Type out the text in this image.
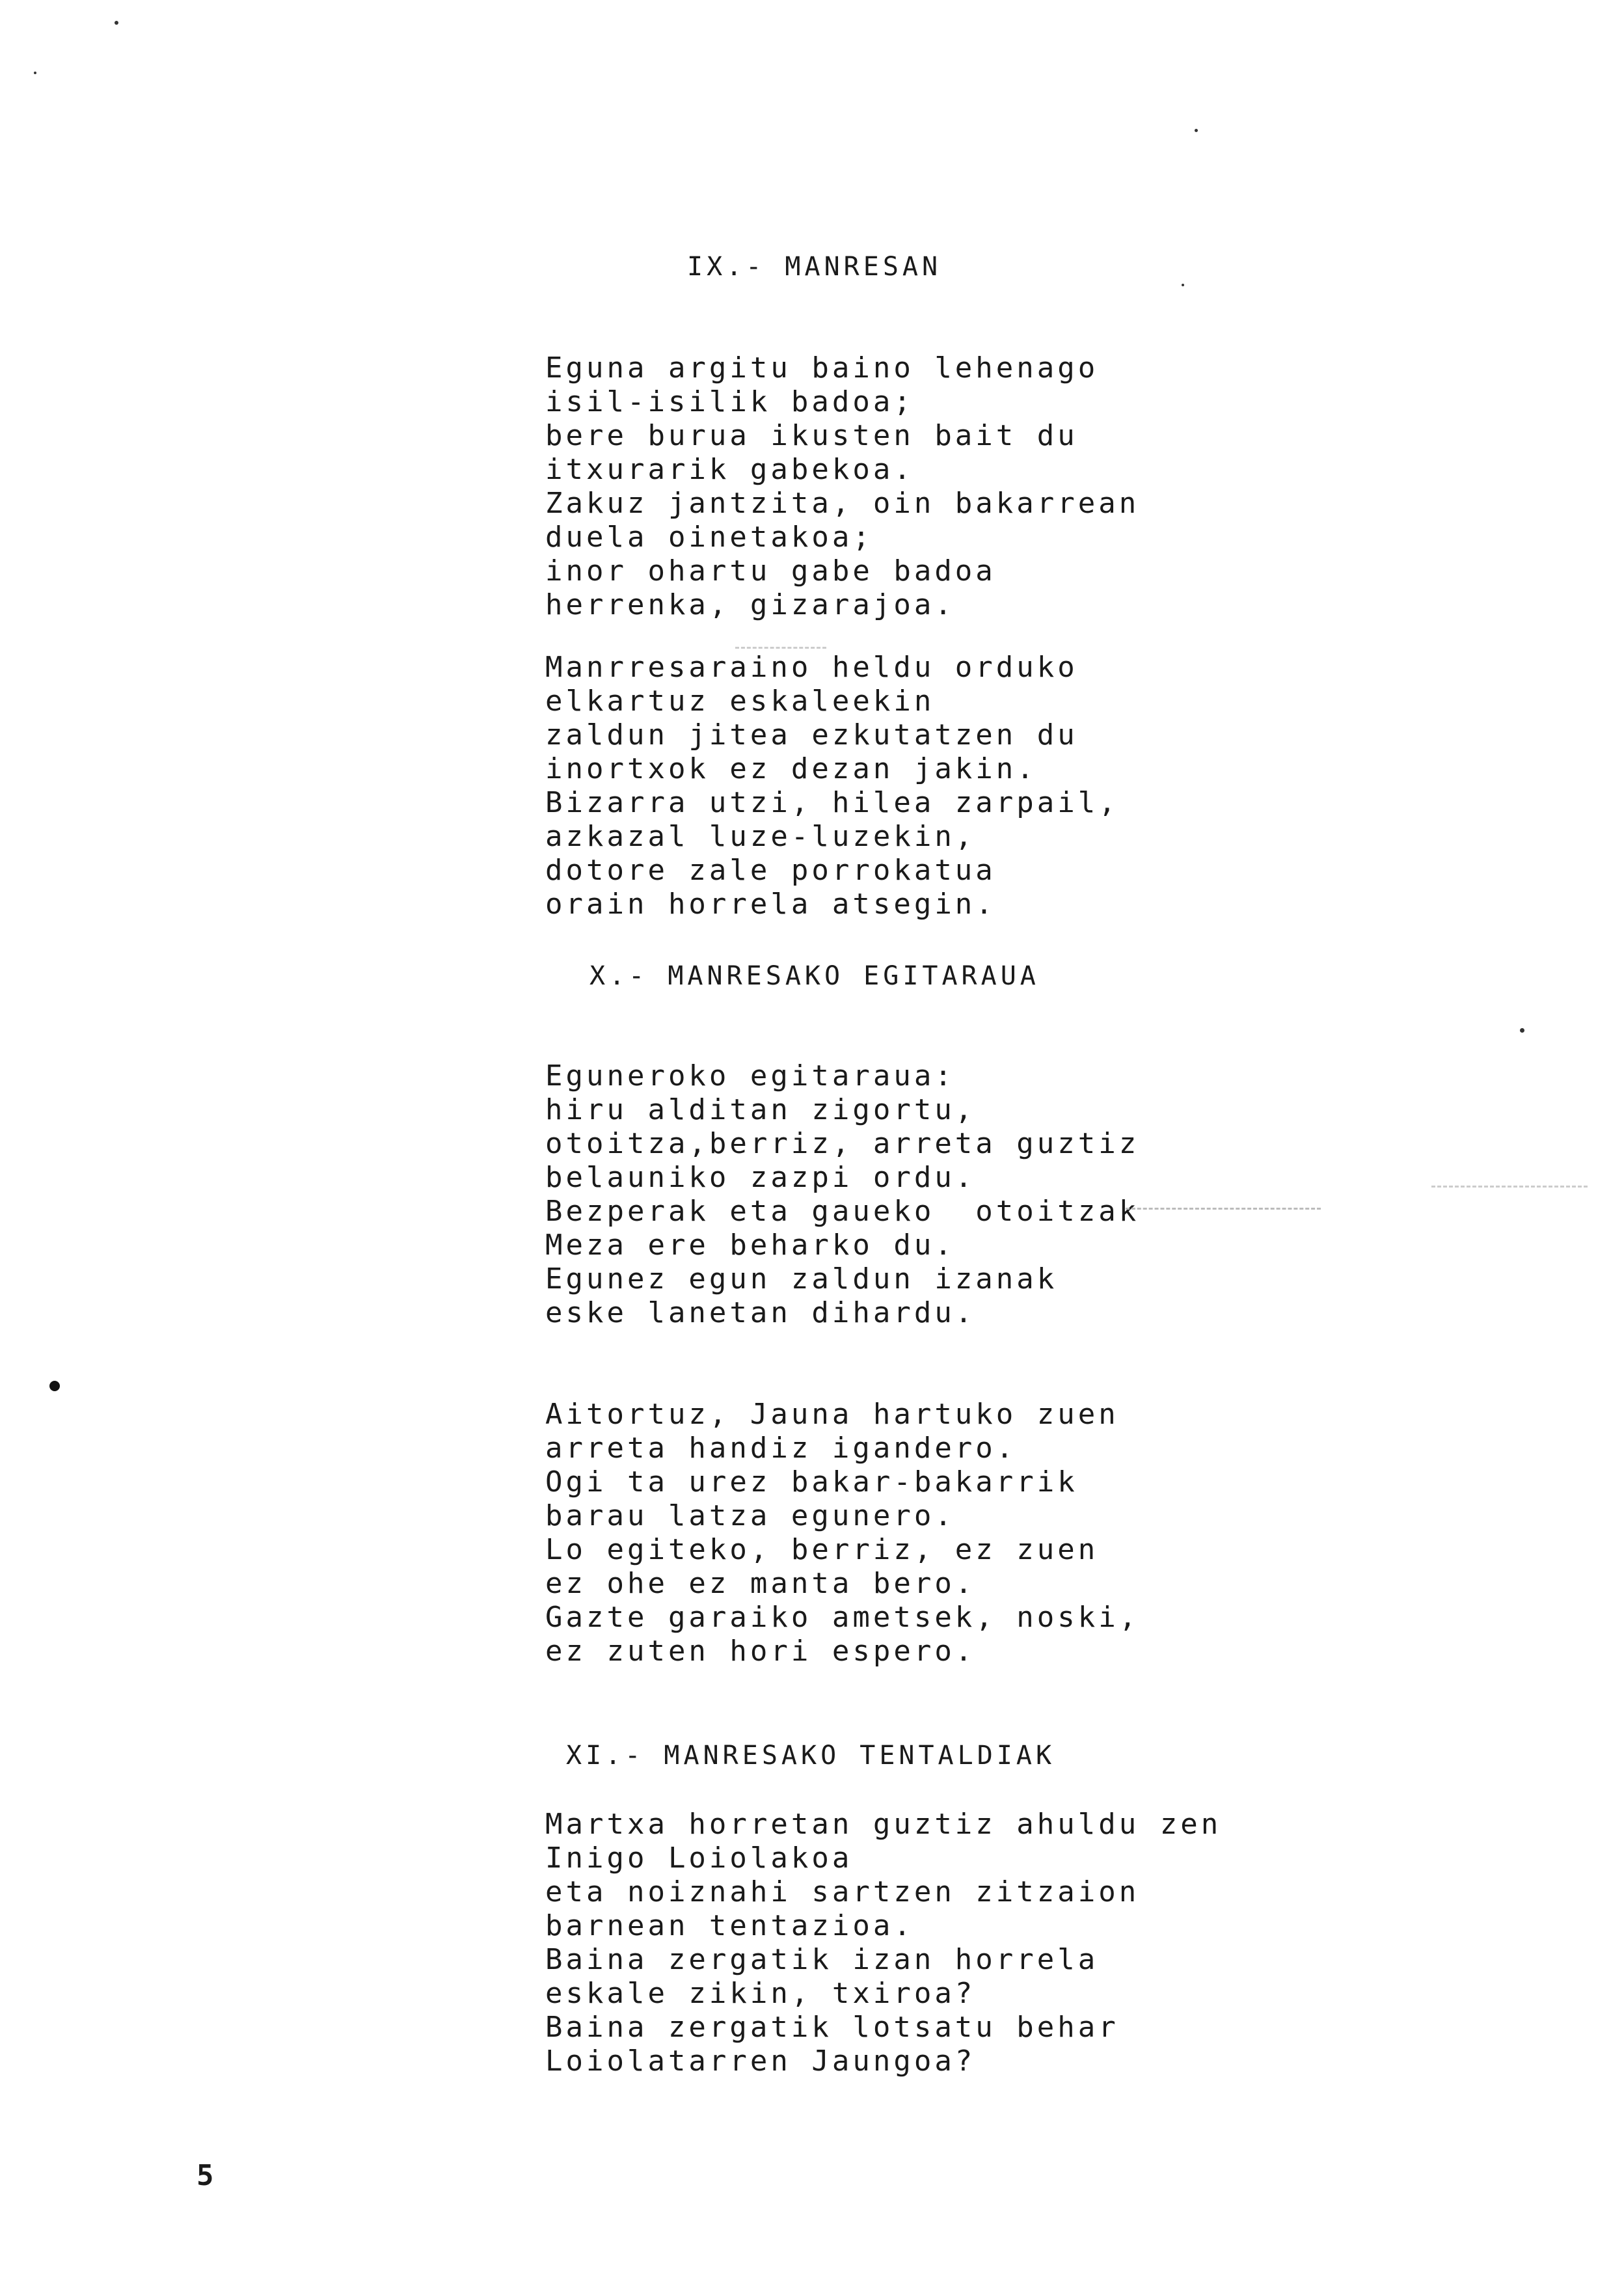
IX.- MANRESAN
Eguna argitu baino lehenago
isil-isilik badoa;
bere burua ikusten bait du
itxurarik gabekoa.
Zakuz jantzita, oin bakarrean
duela oinetakoa;
inor ohartu gabe badoa
herrenka, gizarajoa.
Manrresaraino heldu orduko
elkartuz eskaleekin
zaldun jitea ezkutatzen du
inortxok ez dezan jakin.
Bizarra utzi, hilea zarpail,
azkazal luze-luzekin,
dotore zale porrokatua
orain horrela atsegin.
X.- MANRESAKO EGITARAUA
Eguneroko egitaraua:
hiru alditan zigortu,
otoitza,berriz, arreta guztiz
belauniko zazpi ordu.
Bezperak eta gaueko  otoitzak
Meza ere beharko du.
Egunez egun zaldun izanak
eske lanetan dihardu.
Aitortuz, Jauna hartuko zuen
arreta handiz igandero.
Ogi ta urez bakar-bakarrik
barau latza egunero.
Lo egiteko, berriz, ez zuen
ez ohe ez manta bero.
Gazte garaiko ametsek, noski,
ez zuten hori espero.
XI.- MANRESAKO TENTALDIAK
Martxa horretan guztiz ahuldu zen
Inigo Loiolakoa
eta noiznahi sartzen zitzaion
barnean tentazioa.
Baina zergatik izan horrela
eskale zikin, txiroa?
Baina zergatik lotsatu behar
Loiolatarren Jaungoa?
5
